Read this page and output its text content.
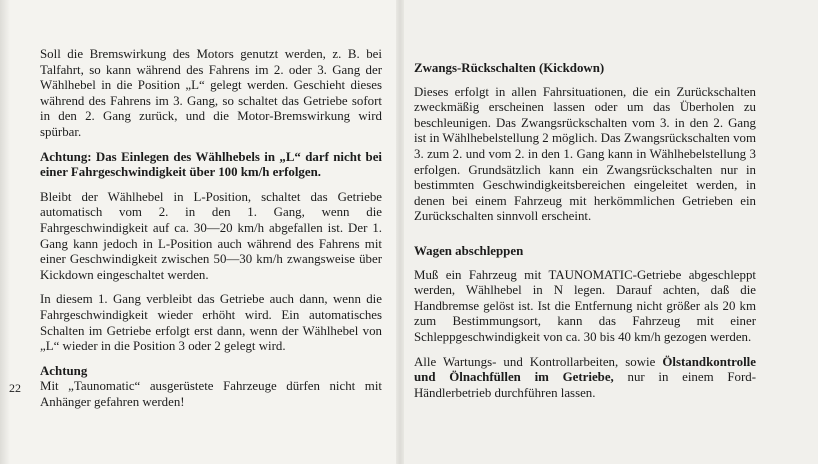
Soll die Bremswirkung des Motors genutzt werden, z. B. bei Talfahrt, so kann während des Fahrens im 2. oder 3. Gang der Wählhebel in die Position „L“ gelegt werden. Geschieht dieses während des Fahrens im 3. Gang, so schaltet das Getriebe sofort in den 2. Gang zurück, und die Motor-Bremswirkung wird spürbar.

Achtung: Das Einlegen des Wählhebels in „L“ darf nicht bei einer Fahrgeschwindigkeit über 100 km/h erfolgen.

Bleibt der Wählhebel in L-Position, schaltet das Getriebe automatisch vom 2. in den 1. Gang, wenn die Fahrgeschwindigkeit auf ca. 30—20 km/h abgefallen ist. Der 1. Gang kann jedoch in L-Position auch während des Fahrens mit einer Geschwindigkeit zwischen 50—30 km/h zwangsweise über Kickdown eingeschaltet werden.

In diesem 1. Gang verbleibt das Getriebe auch dann, wenn die Fahrgeschwindigkeit wieder erhöht wird. Ein automatisches Schalten im Getriebe erfolgt erst dann, wenn der Wählhebel von „L“ wieder in die Position 3 oder 2 gelegt wird.

Achtung

Mit „Taunomatic“ ausgerüstete Fahrzeuge dürfen nicht mit Anhänger gefahren werden!

22
Zwangs-Rückschalten (Kickdown)

Dieses erfolgt in allen Fahrsituationen, die ein Zurückschalten zweckmäßig erscheinen lassen oder um das Überholen zu beschleunigen. Das Zwangsrückschalten vom 3. in den 2. Gang ist in Wählhebelstellung 2 möglich. Das Zwangsrückschalten vom 3. zum 2. und vom 2. in den 1. Gang kann in Wählhebelstellung 3 erfolgen. Grundsätzlich kann ein Zwangsrückschalten nur in bestimmten Geschwindigkeitsbereichen eingeleitet werden, in denen bei einem Fahrzeug mit herkömmlichen Getrieben ein Zurückschalten sinnvoll erscheint.

Wagen abschleppen

Muß ein Fahrzeug mit TAUNOMATIC-Getriebe abgeschleppt werden, Wählhebel in N legen. Darauf achten, daß die Handbremse gelöst ist. Ist die Entfernung nicht größer als 20 km zum Bestimmungsort, kann das Fahrzeug mit einer Schleppgeschwindigkeit von ca. 30 bis 40 km/h gezogen werden.

Alle Wartungs- und Kontrollarbeiten, sowie Ölstandkontrolle und Ölnachfüllen im Getriebe, nur in einem Ford-Händlerbetrieb durchführen lassen.
